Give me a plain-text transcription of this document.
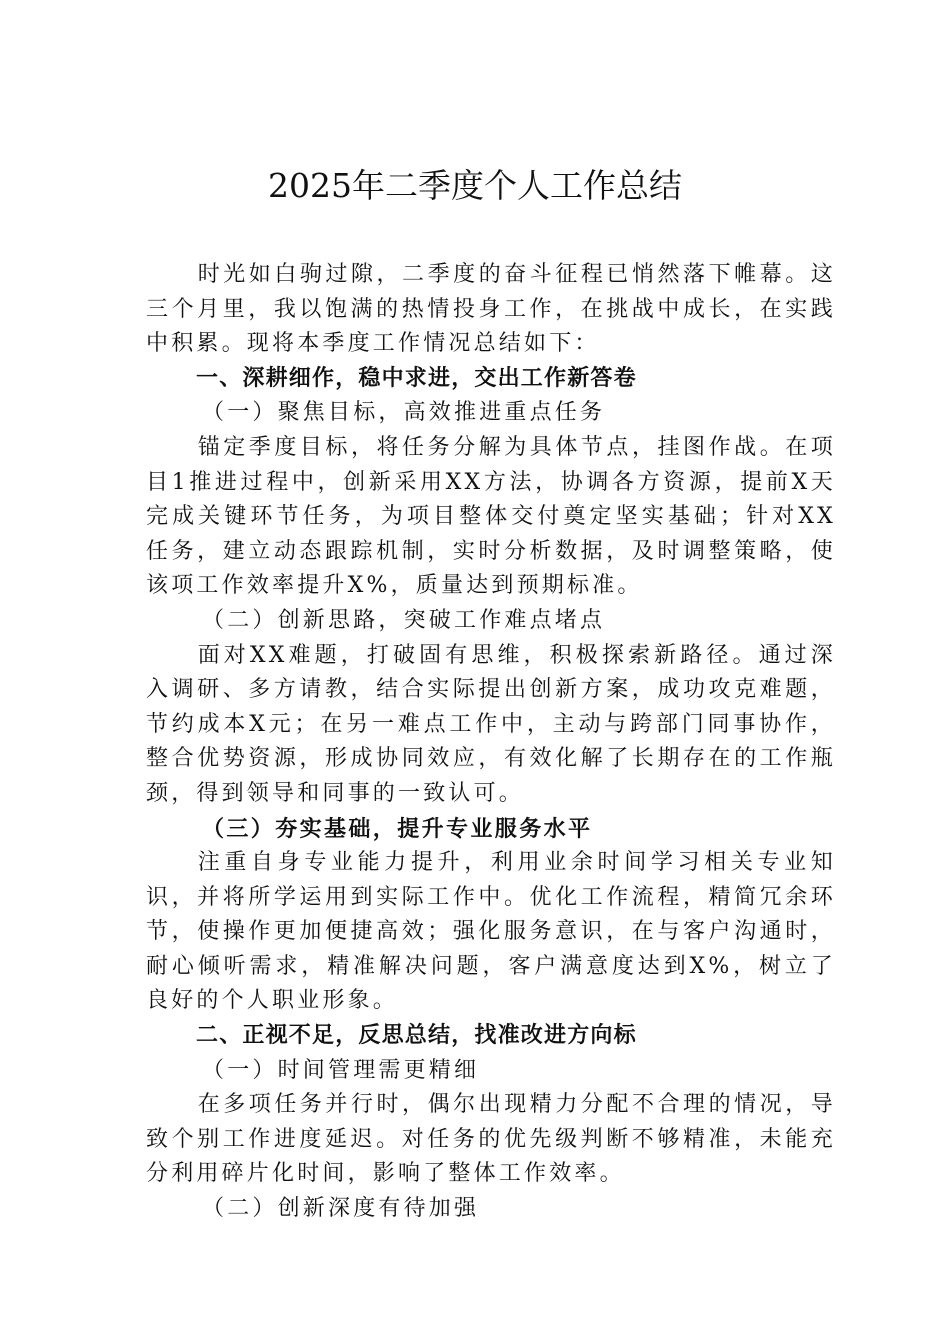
2025年二季度个人工作总结

时光如白驹过隙，二季度的奋斗征程已悄然落下帷幕。这三个月里，我以饱满的热情投身工作，在挑战中成长，在实践中积累。现将本季度工作情况总结如下：

一、深耕细作，稳中求进，交出工作新答卷

（一）聚焦目标，高效推进重点任务

锚定季度目标，将任务分解为具体节点，挂图作战。在项目1推进过程中，创新采用XX方法，协调各方资源，提前X天完成关键环节任务，为项目整体交付奠定坚实基础；针对XX任务，建立动态跟踪机制，实时分析数据，及时调整策略，使该项工作效率提升X%，质量达到预期标准。

（二）创新思路，突破工作难点堵点

面对XX难题，打破固有思维，积极探索新路径。通过深入调研、多方请教，结合实际提出创新方案，成功攻克难题，节约成本X元；在另一难点工作中，主动与跨部门同事协作，整合优势资源，形成协同效应，有效化解了长期存在的工作瓶颈，得到领导和同事的一致认可。

（三）夯实基础，提升专业服务水平

注重自身专业能力提升，利用业余时间学习相关专业知识，并将所学运用到实际工作中。优化工作流程，精简冗余环节，使操作更加便捷高效；强化服务意识，在与客户沟通时，耐心倾听需求，精准解决问题，客户满意度达到X%，树立了良好的个人职业形象。

二、正视不足，反思总结，找准改进方向标

（一）时间管理需更精细

在多项任务并行时，偶尔出现精力分配不合理的情况，导致个别工作进度延迟。对任务的优先级判断不够精准，未能充分利用碎片化时间，影响了整体工作效率。

（二）创新深度有待加强
